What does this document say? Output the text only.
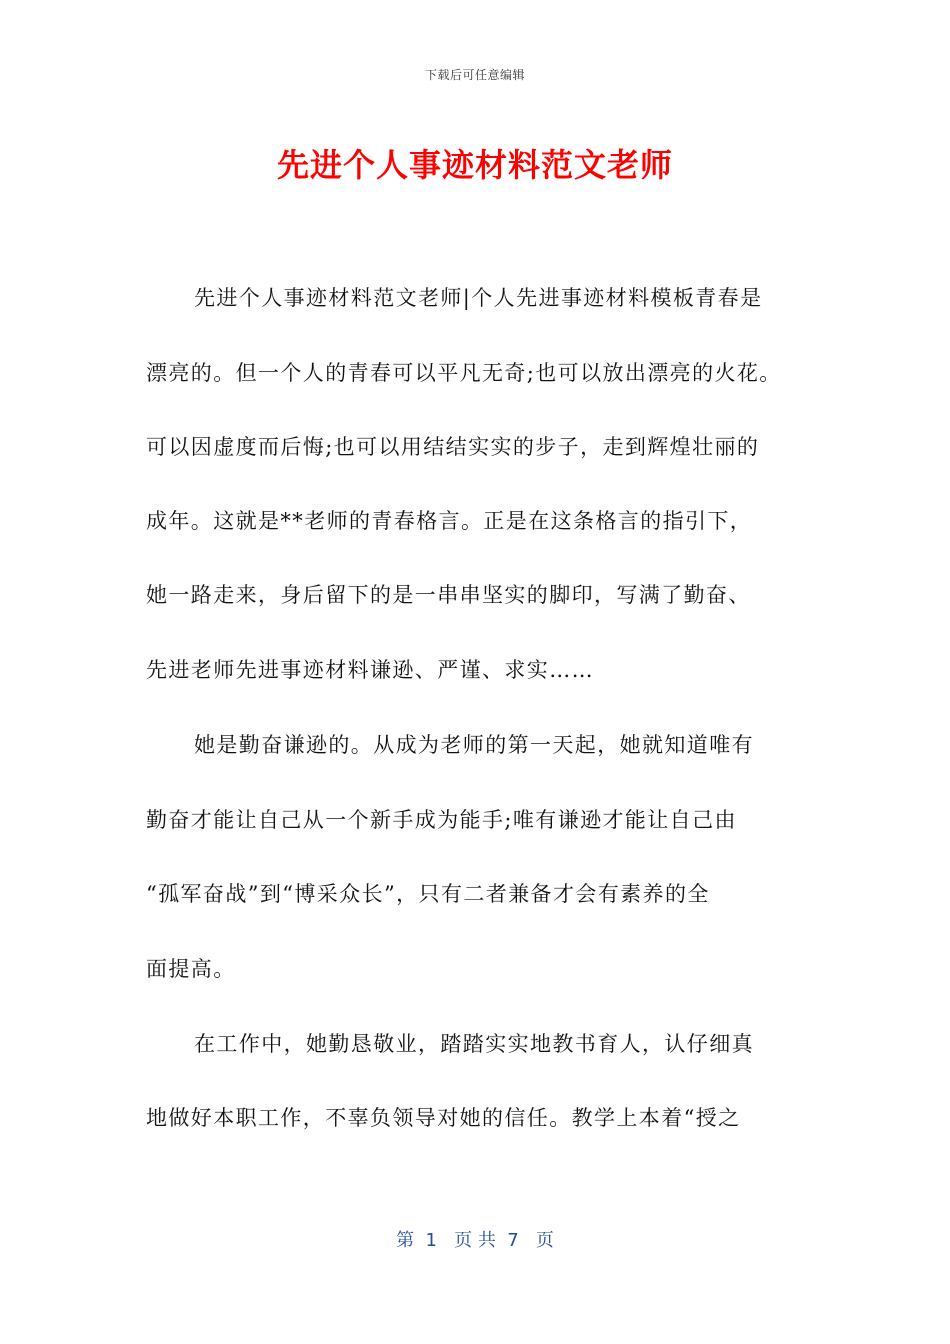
下载后可任意编辑
先进个人事迹材料范文老师
先进个人事迹材料范文老师|个人先进事迹材料模板青春是
漂亮的。但一个人的青春可以平凡无奇;也可以放出漂亮的火花。
可以因虚度而后悔;也可以用结结实实的步子，走到辉煌壮丽的
成年。这就是**老师的青春格言。正是在这条格言的指引下，
她一路走来，身后留下的是一串串坚实的脚印，写满了勤奋、
先进老师先进事迹材料谦逊、严谨、求实……
她是勤奋谦逊的。从成为老师的第一天起，她就知道唯有
勤奋才能让自己从一个新手成为能手;唯有谦逊才能让自己由
“孤军奋战”到“博采众长”，只有二者兼备才会有素养的全
面提高。
在工作中，她勤恳敬业，踏踏实实地教书育人，认仔细真
地做好本职工作，不辜负领导对她的信任。教学上本着“授之
第  1   页 共  7   页
